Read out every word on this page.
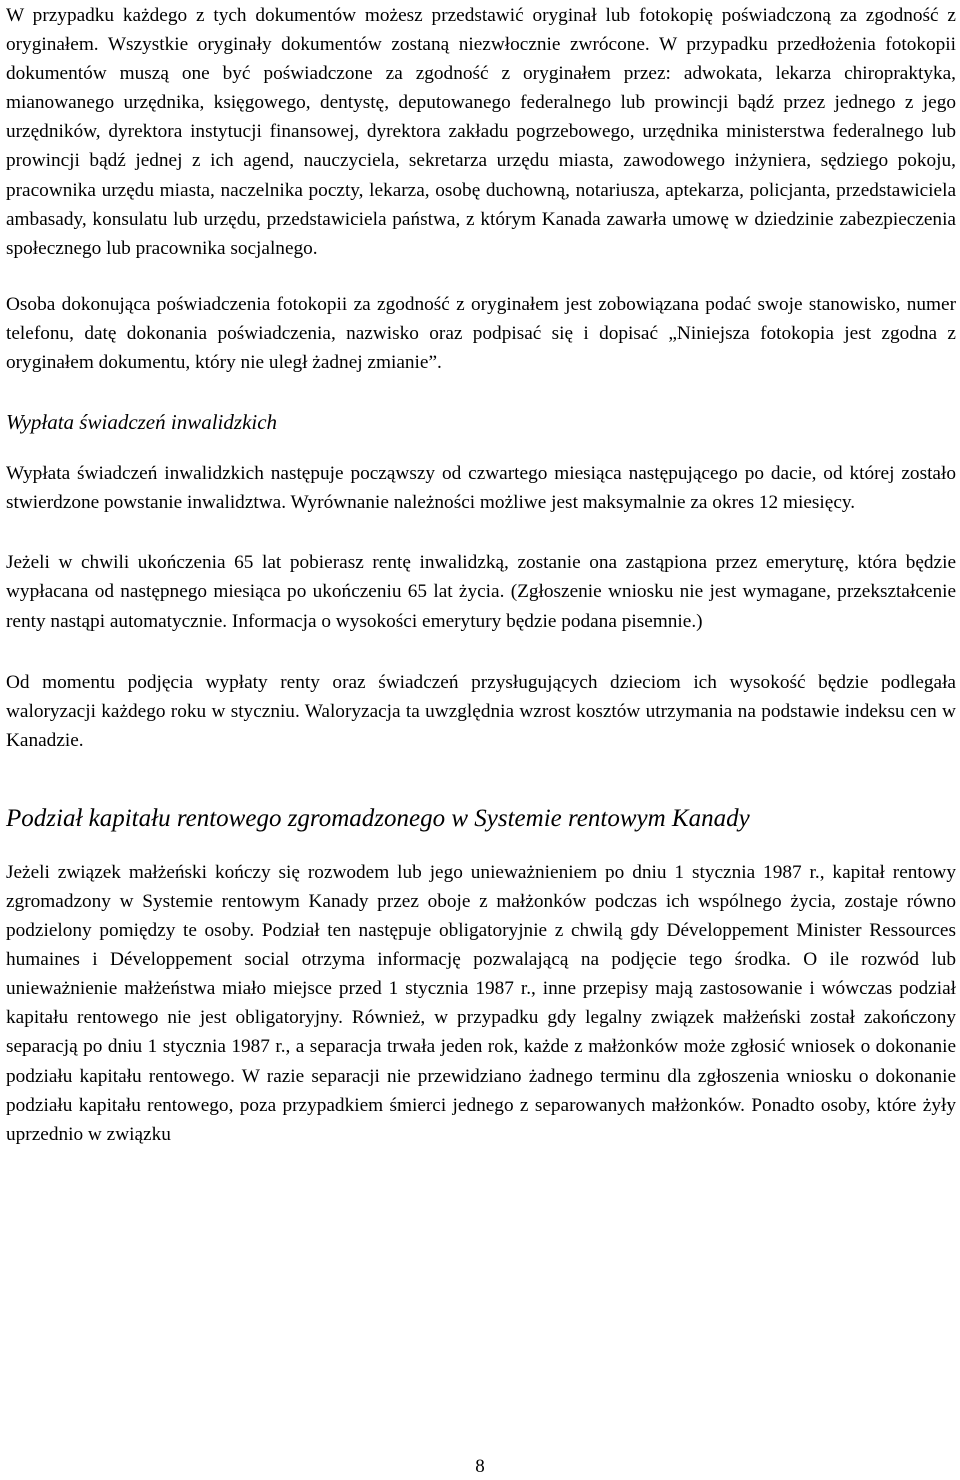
W przypadku każdego z tych dokumentów możesz przedstawić oryginał lub fotokopię poświadczoną za zgodność z oryginałem. Wszystkie oryginały dokumentów zostaną niezwłocznie zwrócone. W przypadku przedłożenia fotokopii dokumentów muszą one być poświadczone za zgodność z oryginałem przez: adwokata, lekarza chiropraktyka, mianowanego urzędnika, księgowego, dentystę, deputowanego federalnego lub prowincji bądź przez jednego z jego urzędników, dyrektora instytucji finansowej, dyrektora zakładu pogrzebowego, urzędnika ministerstwa federalnego lub prowincji bądź jednej z ich agend, nauczyciela, sekretarza urzędu miasta, zawodowego inżyniera, sędziego pokoju, pracownika urzędu miasta, naczelnika poczty, lekarza, osobę duchowną, notariusza, aptekarza, policjanta, przedstawiciela ambasady, konsulatu lub urzędu, przedstawiciela państwa, z którym Kanada zawarła umowę w dziedzinie zabezpieczenia społecznego lub pracownika socjalnego.

Osoba dokonująca poświadczenia fotokopii za zgodność z oryginałem jest zobowiązana podać swoje stanowisko, numer telefonu, datę dokonania poświadczenia, nazwisko oraz podpisać się i dopisać „Niniejsza fotokopia jest zgodna z oryginałem dokumentu, który nie uległ żadnej zmianie”.

Wypłata świadczeń inwalidzkich

Wypłata świadczeń inwalidzkich następuje począwszy od czwartego miesiąca następującego po dacie, od której zostało stwierdzone powstanie inwalidztwa. Wyrównanie należności możliwe jest maksymalnie za okres 12 miesięcy.

Jeżeli w chwili ukończenia 65 lat pobierasz rentę inwalidzką, zostanie ona zastąpiona przez emeryturę, która będzie wypłacana od następnego miesiąca po ukończeniu 65 lat życia. (Zgłoszenie wniosku nie jest wymagane, przekształcenie renty nastąpi automatycznie. Informacja o wysokości emerytury będzie podana pisemnie.)

Od momentu podjęcia wypłaty renty oraz świadczeń przysługujących dzieciom ich wysokość będzie podlegała waloryzacji każdego roku w styczniu. Waloryzacja ta uwzględnia wzrost kosztów utrzymania na podstawie indeksu cen w Kanadzie.

Podział kapitału rentowego zgromadzonego w Systemie rentowym Kanady

Jeżeli związek małżeński kończy się rozwodem lub jego unieważnieniem po dniu 1 stycznia 1987 r., kapitał rentowy zgromadzony w Systemie rentowym Kanady przez oboje z małżonków podczas ich wspólnego życia, zostaje równo podzielony pomiędzy te osoby. Podział ten następuje obligatoryjnie z chwilą gdy Développement Minister Ressources humaines i Développement social otrzyma informację pozwalającą na podjęcie tego środka. O ile rozwód lub unieważnienie małżeństwa miało miejsce przed 1 stycznia 1987 r., inne przepisy mają zastosowanie i wówczas podział kapitału rentowego nie jest obligatoryjny. Również, w przypadku gdy legalny związek małżeński został zakończony separacją po dniu 1 stycznia 1987 r., a separacja trwała jeden rok, każde z małżonków może zgłosić wniosek o dokonanie podziału kapitału rentowego. W razie separacji nie przewidziano żadnego terminu dla zgłoszenia wniosku o dokonanie podziału kapitału rentowego, poza przypadkiem śmierci jednego z separowanych małżonków. Ponadto osoby, które żyły uprzednio w związku

8
